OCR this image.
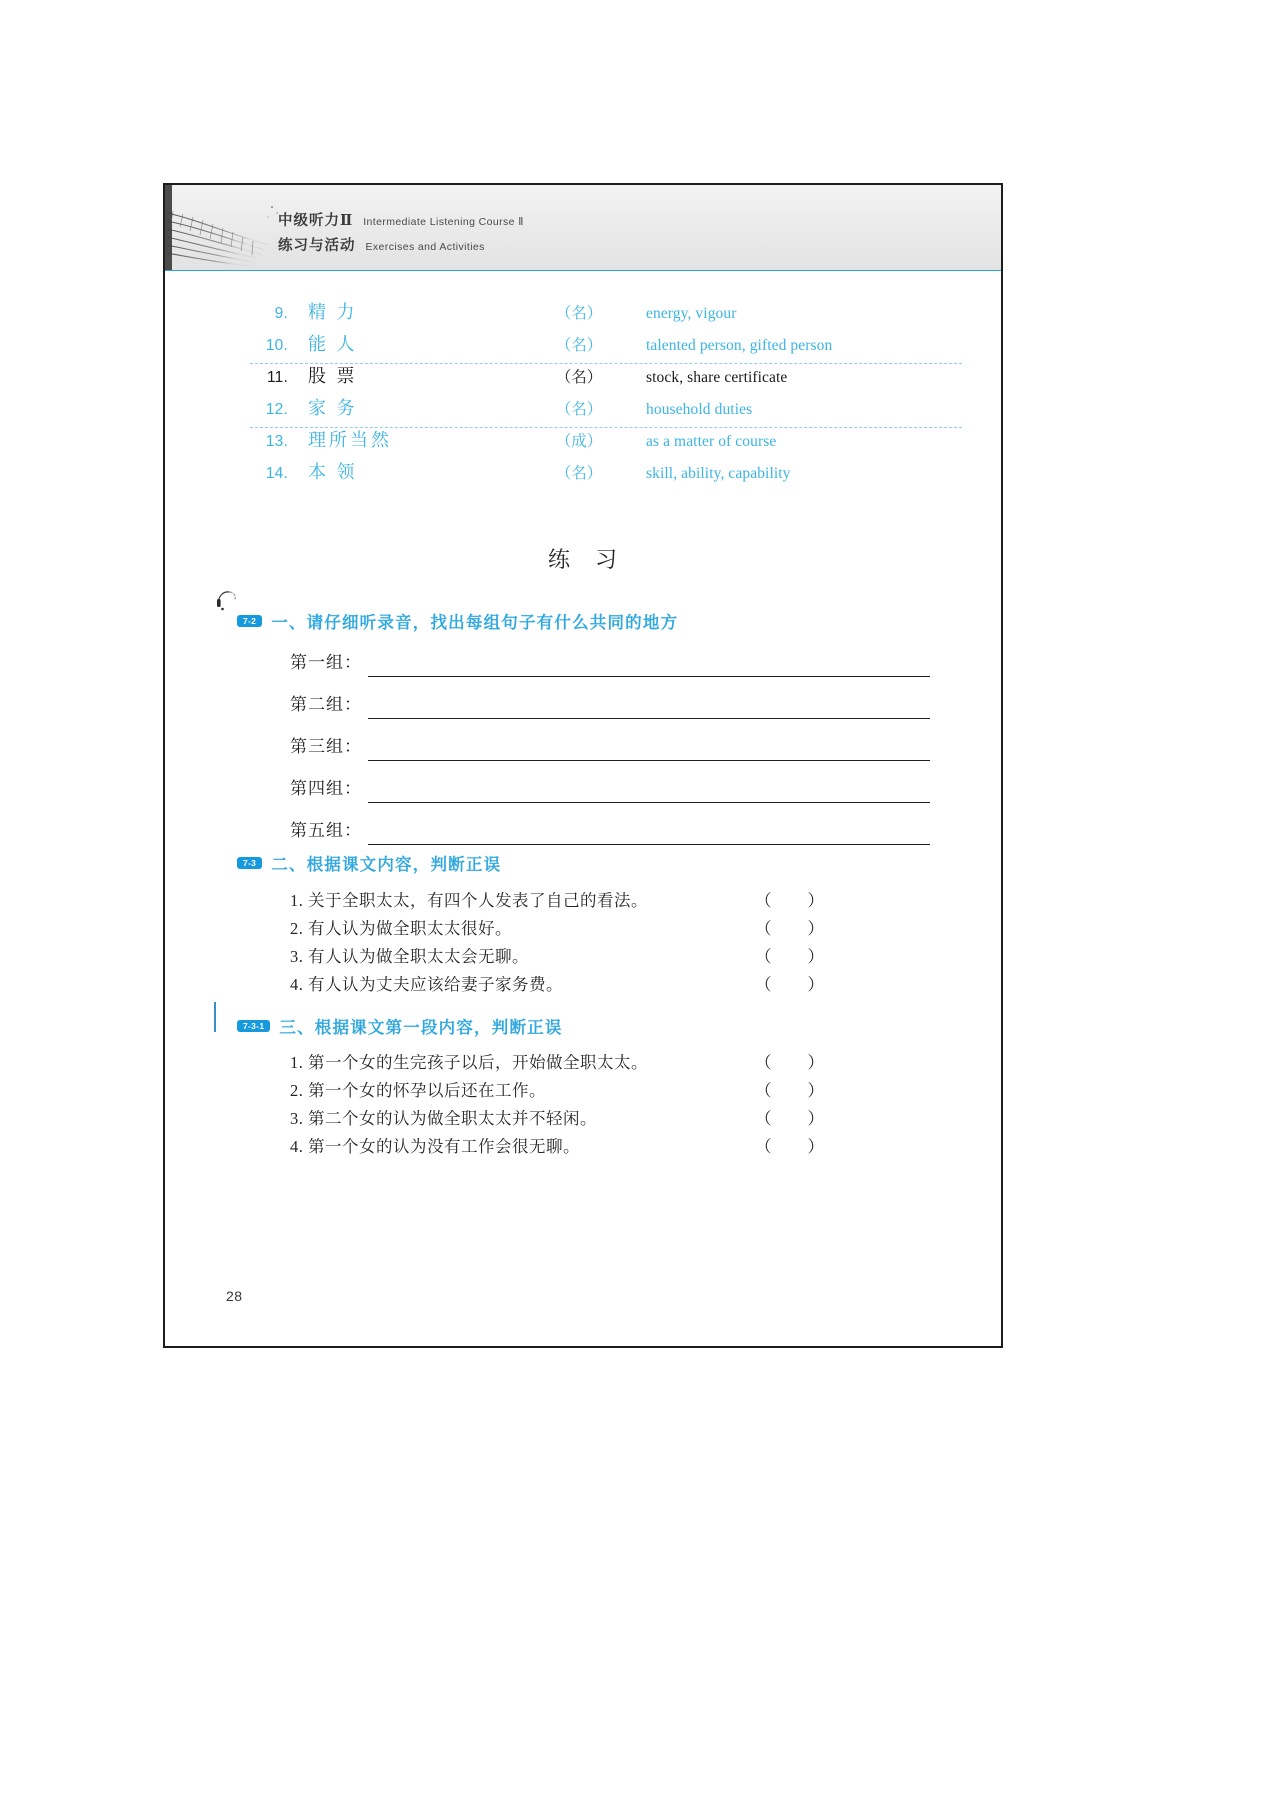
中级听力Ⅱ Intermediate Listening Course Ⅱ
练习与活动 Exercises and Activities
9. 精 力	（名）	energy, vigour
10. 能 人	（名）	talented person, gifted person
11. 股 票	（名）	stock, share certificate
12. 家 务	（名）	household duties
13. 理所当然	（成）	as a matter of course
14. 本 领	（名）	skill, ability, capability
练 习
7-2 一、请仔细听录音，找出每组句子有什么共同的地方
第一组：
第二组：
第三组：
第四组：
第五组：
7-3 二、根据课文内容，判断正误
1. 关于全职太太，有四个人发表了自己的看法。	（　　）
2. 有人认为做全职太太很好。	（　　）
3. 有人认为做全职太太会无聊。	（　　）
4. 有人认为丈夫应该给妻子家务费。	（　　）
7-3-1 三、根据课文第一段内容，判断正误
1. 第一个女的生完孩子以后，开始做全职太太。	（　　）
2. 第一个女的怀孕以后还在工作。	（　　）
3. 第二个女的认为做全职太太并不轻闲。	（　　）
4. 第一个女的认为没有工作会很无聊。	（　　）
28
